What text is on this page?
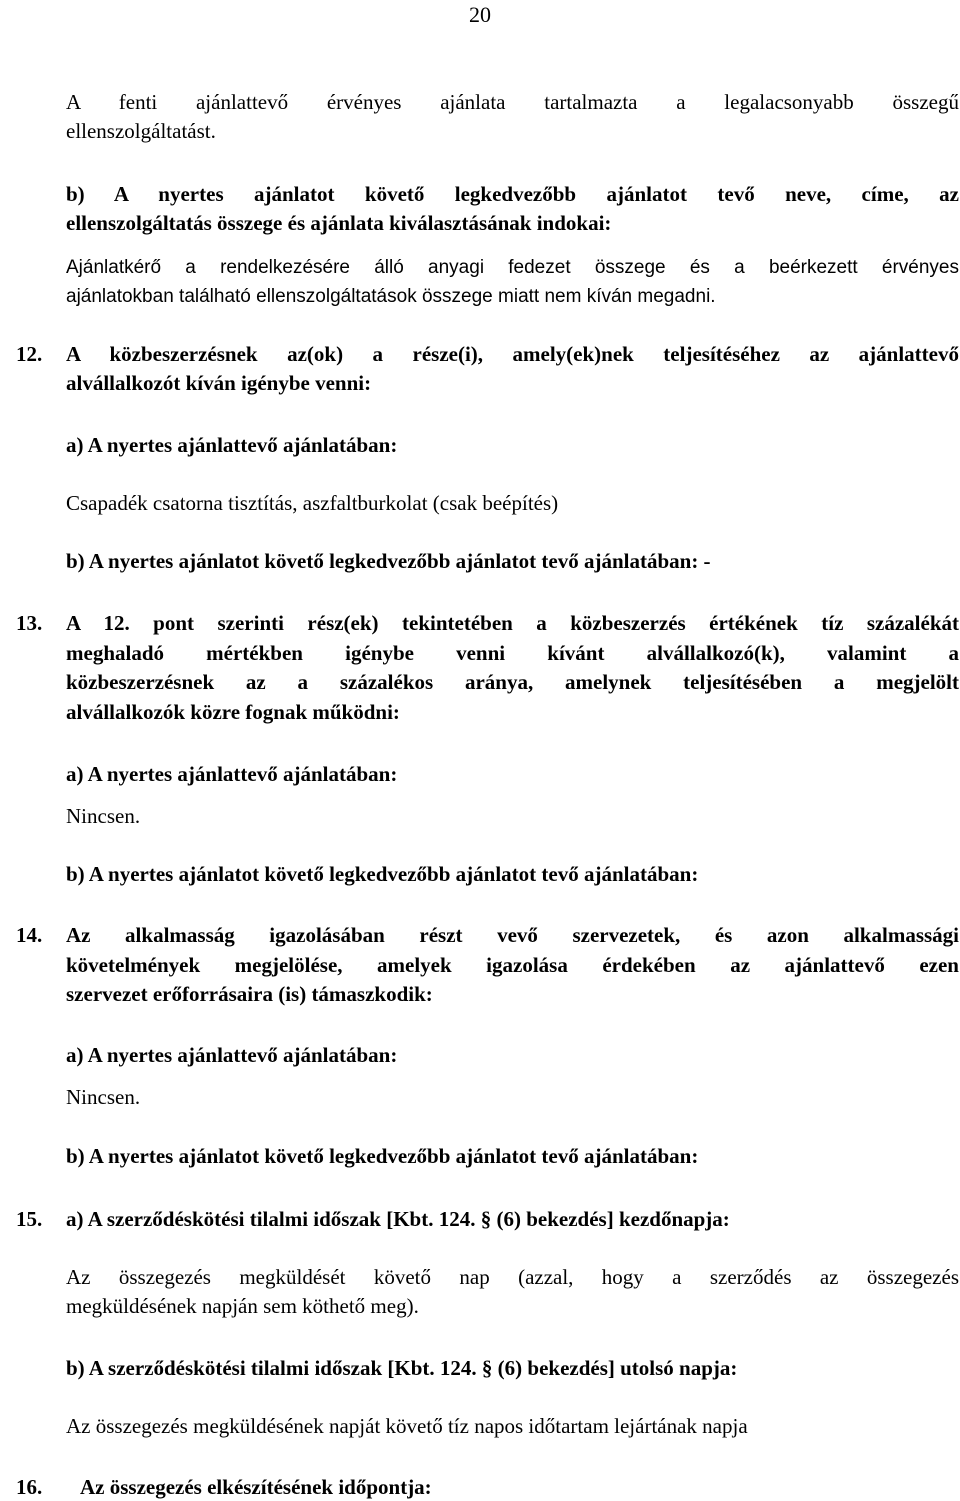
20
A fenti ajánlattevő érvényes ajánlata tartalmazta a legalacsonyabb összegű
ellenszolgáltatást.
b) A nyertes ajánlatot követő legkedvezőbb ajánlatot tevő neve, címe, az
ellenszolgáltatás összege és ajánlata kiválasztásának indokai:
Ajánlatkérő a rendelkezésére álló anyagi fedezet összege és a beérkezett érvényes
ajánlatokban található ellenszolgáltatások összege miatt nem kíván megadni.
12. A közbeszerzésnek az(ok) a része(i), amely(ek)nek teljesítéséhez az ajánlattevő
alvállalkozót kíván igénybe venni:
a) A nyertes ajánlattevő ajánlatában:
Csapadék csatorna tisztítás, aszfaltburkolat (csak beépítés)
b) A nyertes ajánlatot követő legkedvezőbb ajánlatot tevő ajánlatában: -
13. A 12. pont szerinti rész(ek) tekintetében a közbeszerzés értékének tíz százalékát
meghaladó mértékben igénybe venni kívánt alvállalkozó(k), valamint a
közbeszerzésnek az a százalékos aránya, amelynek teljesítésében a megjelölt
alvállalkozók közre fognak működni:
a) A nyertes ajánlattevő ajánlatában:
Nincsen.
b) A nyertes ajánlatot követő legkedvezőbb ajánlatot tevő ajánlatában:
14. Az alkalmasság igazolásában részt vevő szervezetek, és azon alkalmassági
követelmények megjelölése, amelyek igazolása érdekében az ajánlattevő ezen
szervezet erőforrásaira (is) támaszkodik:
a) A nyertes ajánlattevő ajánlatában:
Nincsen.
b) A nyertes ajánlatot követő legkedvezőbb ajánlatot tevő ajánlatában:
15. a) A szerződéskötési tilalmi időszak [Kbt. 124. § (6) bekezdés] kezdőnapja:
Az összegezés megküldését követő nap (azzal, hogy a szerződés az összegezés
megküldésének napján sem köthető meg).
b) A szerződéskötési tilalmi időszak [Kbt. 124. § (6) bekezdés] utolsó napja:
Az összegezés megküldésének napját követő tíz napos időtartam lejártának napja
16. Az összegezés elkészítésének időpontja:
